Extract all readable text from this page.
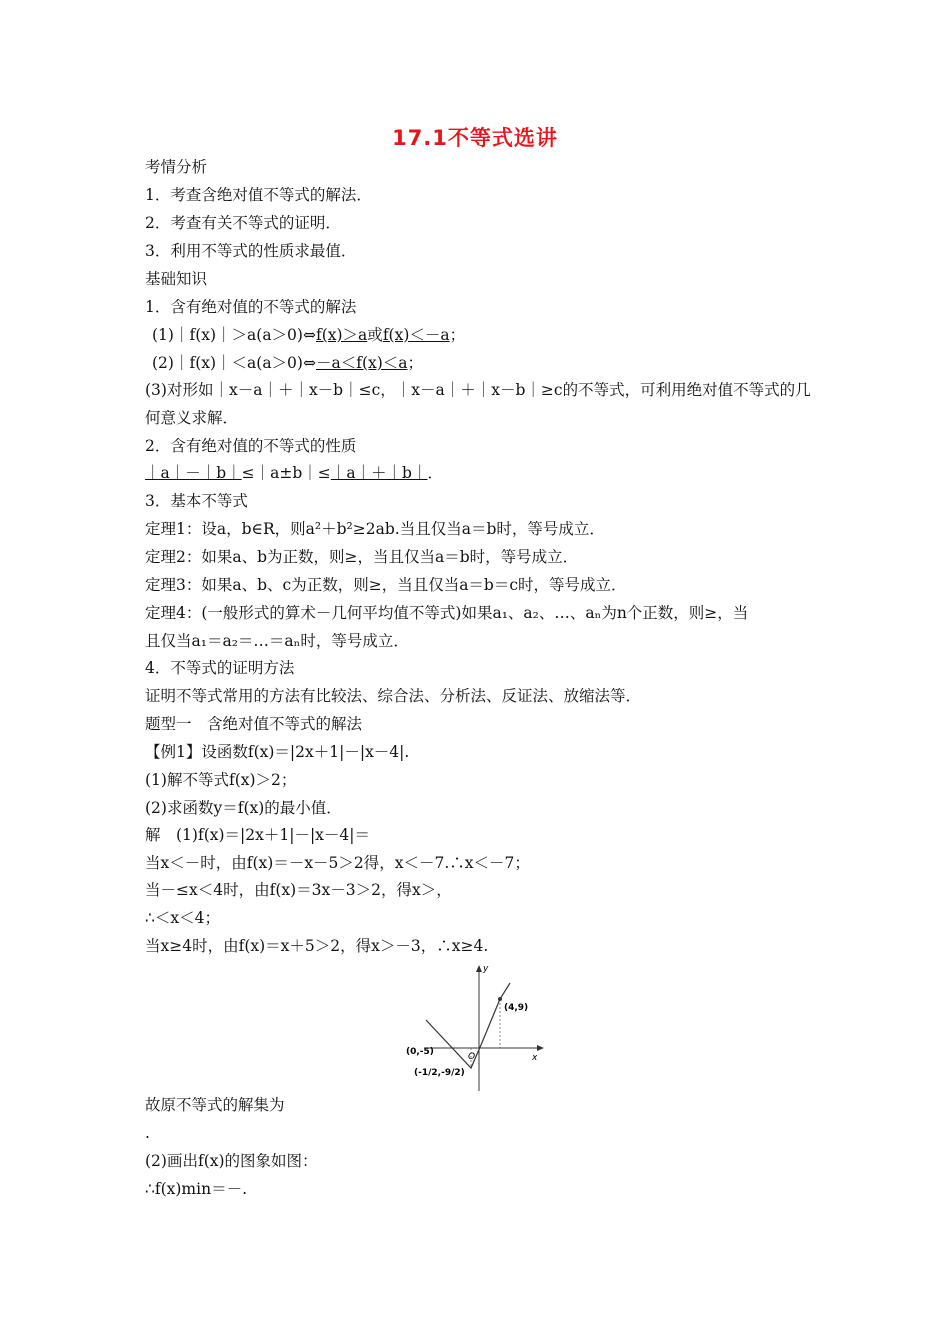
17.1不等式选讲
考情分析
1．考查含绝对值不等式的解法．
2．考查有关不等式的证明．
3．利用不等式的性质求最值．
基础知识
1．含有绝对值的不等式的解法
(1)｜f(x)｜＞a(a＞0)⇔f(x)＞a或f(x)＜－a；
(2)｜f(x)｜＜a(a＞0)⇔－a＜f(x)＜a；
(3)对形如｜x－a｜＋｜x－b｜≤c，｜x－a｜＋｜x－b｜≥c的不等式，可利用绝对值不等式的几
何意义求解．
2．含有绝对值的不等式的性质
｜a｜－｜b｜≤｜a±b｜≤｜a｜＋｜b｜．
3．基本不等式
定理1：设a，b∈R，则a²＋b²≥2ab.当且仅当a＝b时，等号成立．
定理2：如果a、b为正数，则≥，当且仅当a＝b时，等号成立．
定理3：如果a、b、c为正数，则≥，当且仅当a＝b＝c时，等号成立．
定理4：(一般形式的算术－几何平均值不等式)如果a₁、a₂、…、aₙ为n个正数，则≥，当
且仅当a₁＝a₂＝…＝aₙ时，等号成立．
4．不等式的证明方法
证明不等式常用的方法有比较法、综合法、分析法、反证法、放缩法等．
题型一　含绝对值不等式的解法
【例1】设函数f(x)＝|2x＋1|－|x－4|.
(1)解不等式f(x)＞2；
(2)求函数y＝f(x)的最小值．
解　(1)f(x)＝|2x＋1|－|x－4|＝
当x＜－时，由f(x)＝－x－5＞2得，x＜－7.∴x＜－7；
当－≤x＜4时，由f(x)＝3x－3＞2，得x＞，
∴＜x＜4；
当x≥4时，由f(x)＝x＋5＞2，得x＞－3，∴x≥4.
y
x
O
(4,9)
(0,-5)
(-1/2,-9/2)
故原不等式的解集为
.
(2)画出f(x)的图象如图：
∴f(x)min＝－.
